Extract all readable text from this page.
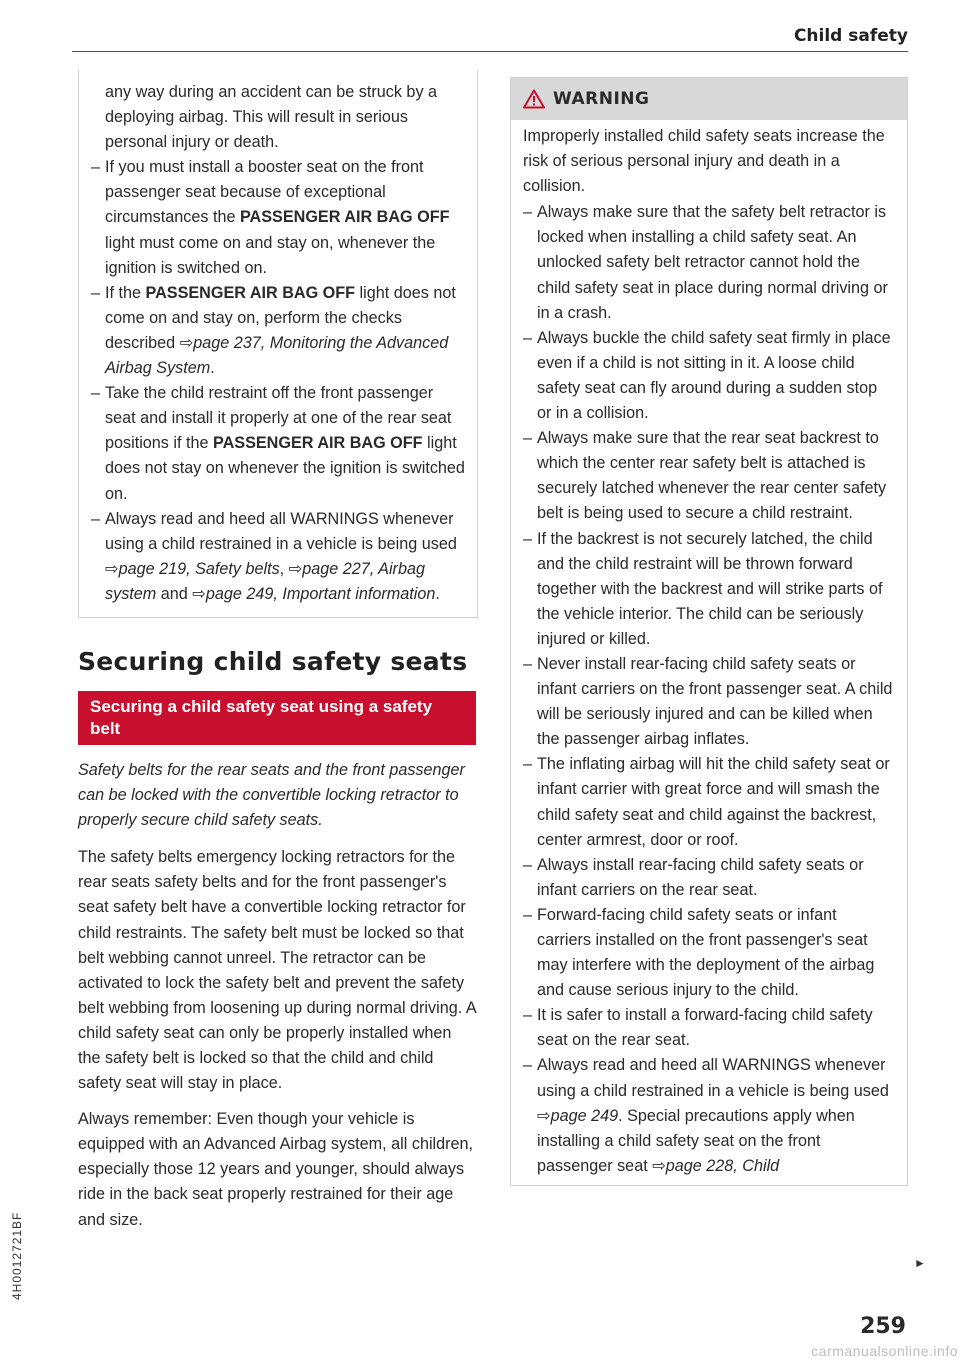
Child safety
any way during an accident can be struck by a deploying airbag. This will result in serious personal injury or death.
– If you must install a booster seat on the front passenger seat because of exceptional circumstances the PASSENGER AIR BAG OFF light must come on and stay on, whenever the ignition is switched on.
– If the PASSENGER AIR BAG OFF light does not come on and stay on, perform the checks described ⇨page 237, Monitoring the Advanced Airbag System.
– Take the child restraint off the front passenger seat and install it properly at one of the rear seat positions if the PASSENGER AIR BAG OFF light does not stay on whenever the ignition is switched on.
– Always read and heed all WARNINGS whenever using a child restrained in a vehicle is being used ⇨page 219, Safety belts, ⇨page 227, Airbag system and ⇨page 249, Important information.
Securing child safety seats
Securing a child safety seat using a safety belt

Safety belts for the rear seats and the front passenger can be locked with the convertible locking retractor to properly secure child safety seats.

The safety belts emergency locking retractors for the rear seats safety belts and for the front passenger's seat safety belt have a convertible locking retractor for child restraints. The safety belt must be locked so that belt webbing cannot unreel. The retractor can be activated to lock the safety belt and prevent the safety belt webbing from loosening up during normal driving. A child safety seat can only be properly installed when the safety belt is locked so that the child and child safety seat will stay in place.

Always remember: Even though your vehicle is equipped with an Advanced Airbag system, all children, especially those 12 years and younger, should always ride in the back seat properly restrained for their age and size.

WARNING

Improperly installed child safety seats increase the risk of serious personal injury and death in a collision.

– Always make sure that the safety belt retractor is locked when installing a child safety seat. An unlocked safety belt retractor cannot hold the child safety seat in place during normal driving or in a crash.
– Always buckle the child safety seat firmly in place even if a child is not sitting in it. A loose child safety seat can fly around during a sudden stop or in a collision.
– Always make sure that the rear seat backrest to which the center rear safety belt is attached is securely latched whenever the rear center safety belt is being used to secure a child restraint.
– If the backrest is not securely latched, the child and the child restraint will be thrown forward together with the backrest and will strike parts of the vehicle interior. The child can be seriously injured or killed.
– Never install rear-facing child safety seats or infant carriers on the front passenger seat. A child will be seriously injured and can be killed when the passenger airbag inflates.
– The inflating airbag will hit the child safety seat or infant carrier with great force and will smash the child safety seat and child against the backrest, center armrest, door or roof.
– Always install rear-facing child safety seats or infant carriers on the rear seat.
– Forward-facing child safety seats or infant carriers installed on the front passenger's seat may interfere with the deployment of the airbag and cause serious injury to the child.
– It is safer to install a forward-facing child safety seat on the rear seat.
– Always read and heed all WARNINGS whenever using a child restrained in a vehicle is being used ⇨page 249. Special precautions apply when installing a child safety seat on the front passenger seat ⇨page 228, Child
►
259
4H0012721BF
carmanualsonline.info
